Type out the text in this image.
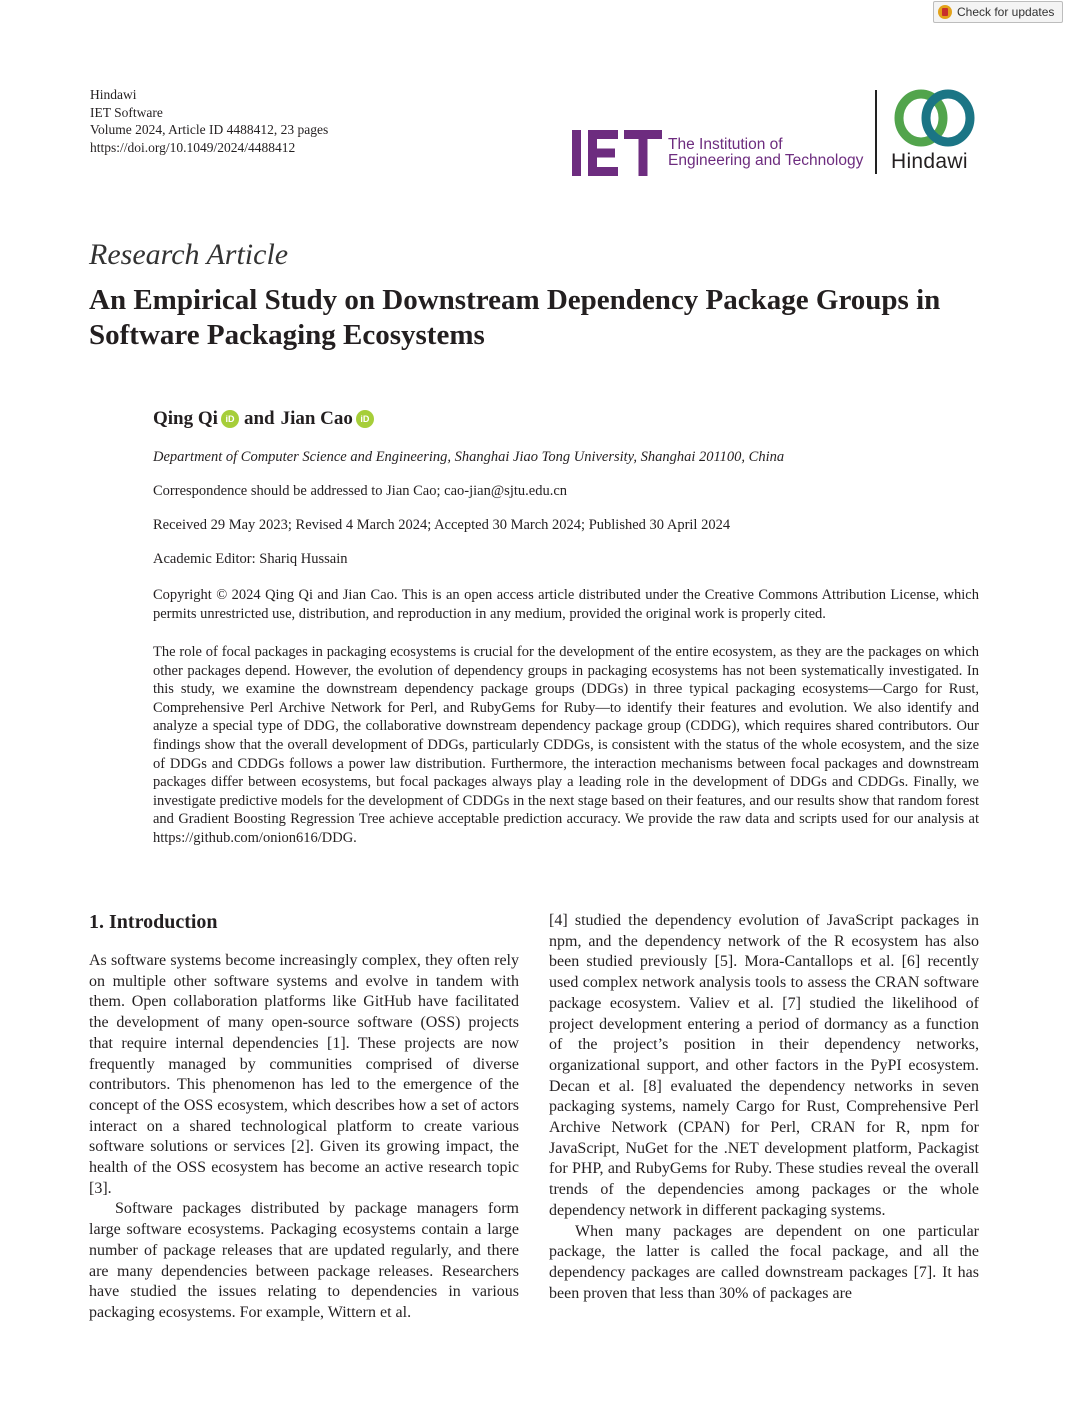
Check for updates
Hindawi
IET Software
Volume 2024, Article ID 4488412, 23 pages
https://doi.org/10.1049/2024/4488412	The Institution of
Engineering and Technology Hindawi
Research Article
An Empirical Study on Downstream Dependency Package Groups in Software Packaging Ecosystems
Qing Qi iD and Jian Cao iD
Department of Computer Science and Engineering, Shanghai Jiao Tong University, Shanghai 201100, China
Correspondence should be addressed to Jian Cao; cao-jian@sjtu.edu.cn
Received 29 May 2023; Revised 4 March 2024; Accepted 30 March 2024; Published 30 April 2024
Academic Editor: Shariq Hussain
Copyright © 2024 Qing Qi and Jian Cao. This is an open access article distributed under the Creative Commons Attribution License, which permits unrestricted use, distribution, and reproduction in any medium, provided the original work is properly cited.
The role of focal packages in packaging ecosystems is crucial for the development of the entire ecosystem, as they are the packages on which other packages depend. However, the evolution of dependency groups in packaging ecosystems has not been systematically investigated. In this study, we examine the downstream dependency package groups (DDGs) in three typical packaging ecosystems—Cargo for Rust, Comprehensive Perl Archive Network for Perl, and RubyGems for Ruby—to identify their features and evolution. We also identify and analyze a special type of DDG, the collaborative downstream dependency package group (CDDG), which requires shared contributors. Our findings show that the overall development of DDGs, particularly CDDGs, is consistent with the status of the whole ecosystem, and the size of DDGs and CDDGs follows a power law distribution. Furthermore, the interaction mechanisms between focal packages and downstream packages differ between ecosystems, but focal packages always play a leading role in the development of DDGs and CDDGs. Finally, we investigate predictive models for the development of CDDGs in the next stage based on their features, and our results show that random forest and Gradient Boosting Regression Tree achieve acceptable prediction accuracy. We provide the raw data and scripts used for our analysis at https://github.com/onion616/DDG.
1. Introduction

As software systems become increasingly complex, they often rely on multiple other software systems and evolve in tandem with them. Open collaboration platforms like GitHub have facilitated the development of many open-source software (OSS) projects that require internal dependencies [1]. These projects are now frequently managed by communities comprised of diverse contributors. This phenomenon has led to the emergence of the concept of the OSS ecosystem, which describes how a set of actors interact on a shared technological platform to create various software solutions or services [2]. Given its growing impact, the health of the OSS ecosystem has become an active research topic [3].

Software packages distributed by package managers form large software ecosystems. Packaging ecosystems contain a large number of package releases that are updated regularly, and there are many dependencies between package releases. Researchers have studied the issues relating to dependencies in various packaging ecosystems. For example, Wittern et al.

[4] studied the dependency evolution of JavaScript packages in npm, and the dependency network of the R ecosystem has also been studied previously [5]. Mora-Cantallops et al. [6] recently used complex network analysis tools to assess the CRAN software package ecosystem. Valiev et al. [7] studied the likelihood of project development entering a period of dormancy as a function of the project’s position in their dependency networks, organizational support, and other factors in the PyPI ecosystem. Decan et al. [8] evaluated the dependency networks in seven packaging systems, namely Cargo for Rust, Comprehensive Perl Archive Network (CPAN) for Perl, CRAN for R, npm for JavaScript, NuGet for the .NET development platform, Packagist for PHP, and RubyGems for Ruby. These studies reveal the overall trends of the dependencies among packages or the whole dependency network in different packaging systems.

When many packages are dependent on one particular package, the latter is called the focal package, and all the dependency packages are called downstream packages [7]. It has been proven that less than 30% of packages are
